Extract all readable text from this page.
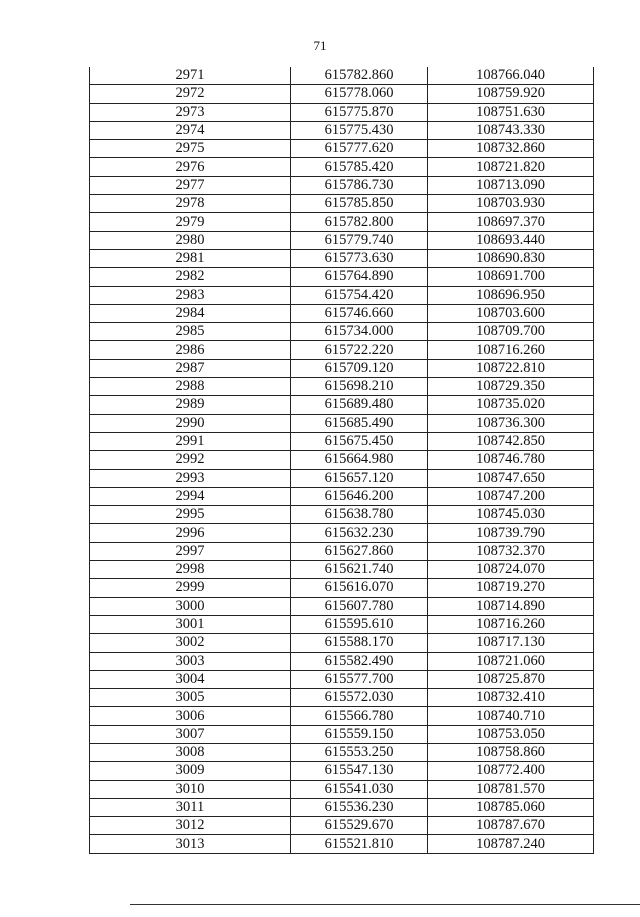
71
2971	615782.860	108766.040
2972	615778.060	108759.920
2973	615775.870	108751.630
2974	615775.430	108743.330
2975	615777.620	108732.860
2976	615785.420	108721.820
2977	615786.730	108713.090
2978	615785.850	108703.930
2979	615782.800	108697.370
2980	615779.740	108693.440
2981	615773.630	108690.830
2982	615764.890	108691.700
2983	615754.420	108696.950
2984	615746.660	108703.600
2985	615734.000	108709.700
2986	615722.220	108716.260
2987	615709.120	108722.810
2988	615698.210	108729.350
2989	615689.480	108735.020
2990	615685.490	108736.300
2991	615675.450	108742.850
2992	615664.980	108746.780
2993	615657.120	108747.650
2994	615646.200	108747.200
2995	615638.780	108745.030
2996	615632.230	108739.790
2997	615627.860	108732.370
2998	615621.740	108724.070
2999	615616.070	108719.270
3000	615607.780	108714.890
3001	615595.610	108716.260
3002	615588.170	108717.130
3003	615582.490	108721.060
3004	615577.700	108725.870
3005	615572.030	108732.410
3006	615566.780	108740.710
3007	615559.150	108753.050
3008	615553.250	108758.860
3009	615547.130	108772.400
3010	615541.030	108781.570
3011	615536.230	108785.060
3012	615529.670	108787.670
3013	615521.810	108787.240
